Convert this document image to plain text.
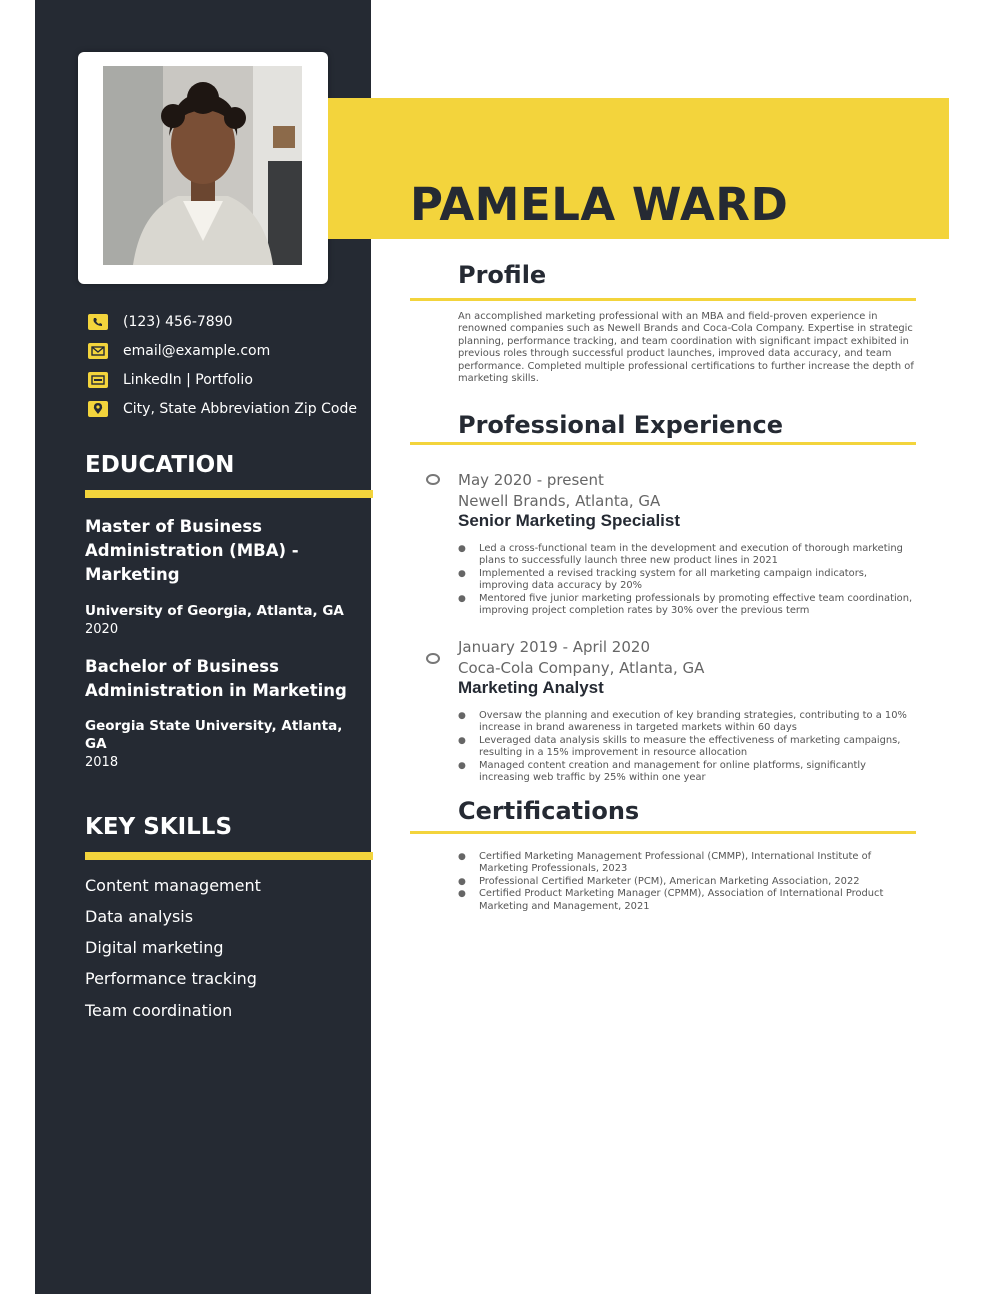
(123) 456-7890
email@example.com
LinkedIn | Portfolio
City, State Abbreviation Zip Code
EDUCATION

Master of Business Administration (MBA) - Marketing

University of Georgia, Atlanta, GA

2020

Bachelor of Business Administration in Marketing

Georgia State University, Atlanta, GA

2018
KEY SKILLS
Content management
Data analysis
Digital marketing
Performance tracking
Team coordination
PAMELA WARD
Profile

An accomplished marketing professional with an MBA and field-proven experience in renowned companies such as Newell Brands and Coca-Cola Company. Expertise in strategic planning, performance tracking, and team coordination with significant impact exhibited in previous roles through successful product launches, improved data accuracy, and team performance. Completed multiple professional certifications to further increase the depth of marketing skills.

Professional Experience
May 2020 - present
Newell Brands, Atlanta, GA
Senior Marketing Specialist
● Led a cross-functional team in the development and execution of thorough marketing plans to successfully launch three new product lines in 2021
● Implemented a revised tracking system for all marketing campaign indicators, improving data accuracy by 20%
● Mentored five junior marketing professionals by promoting effective team coordination, improving project completion rates by 30% over the previous term
January 2019 - April 2020
Coca-Cola Company, Atlanta, GA
Marketing Analyst
● Oversaw the planning and execution of key branding strategies, contributing to a 10% increase in brand awareness in targeted markets within 60 days
● Leveraged data analysis skills to measure the effectiveness of marketing campaigns, resulting in a 15% improvement in resource allocation
● Managed content creation and management for online platforms, significantly increasing web traffic by 25% within one year
Certifications
● Certified Marketing Management Professional (CMMP), International Institute of Marketing Professionals, 2023
● Professional Certified Marketer (PCM), American Marketing Association, 2022
● Certified Product Marketing Manager (CPMM), Association of International Product Marketing and Management, 2021
